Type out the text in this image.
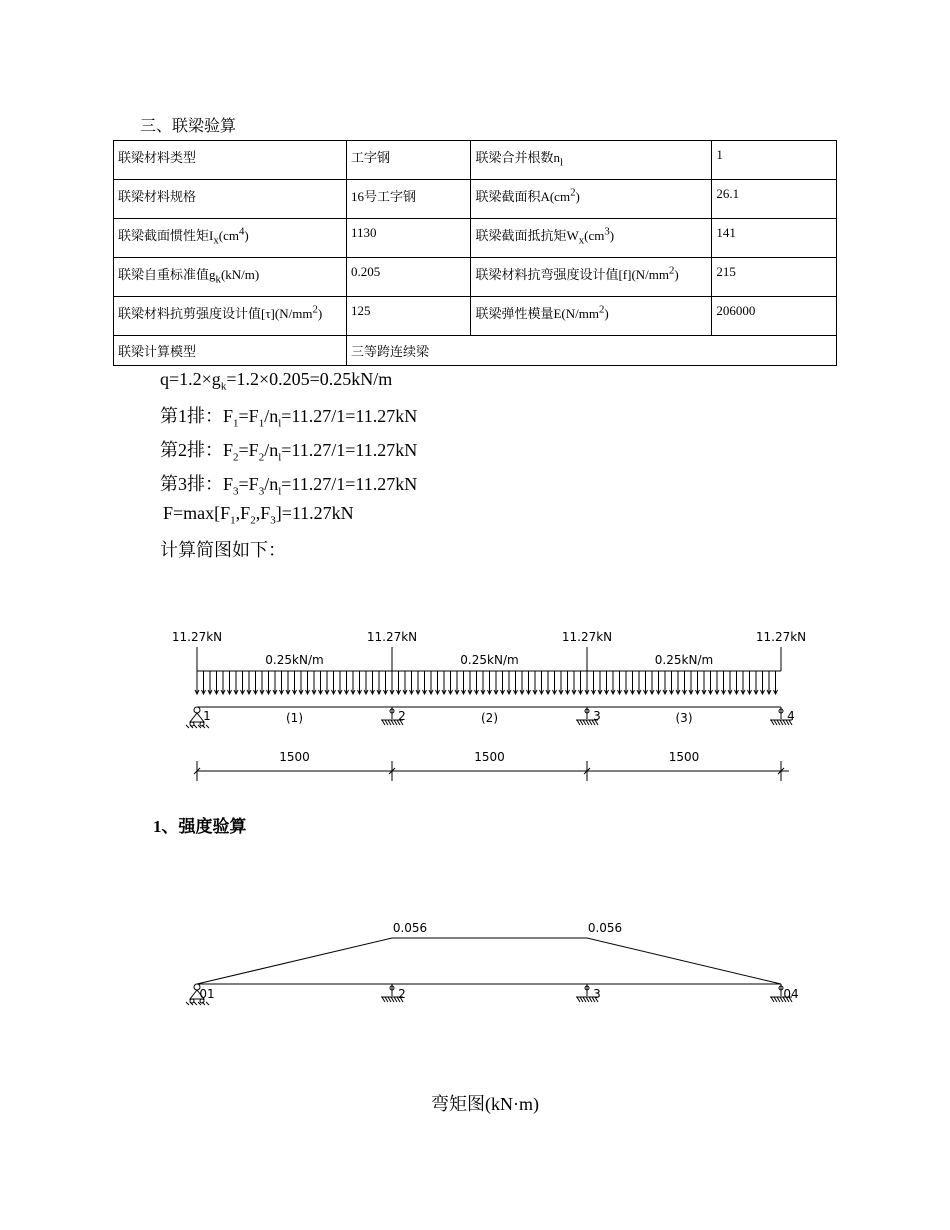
三、联梁验算
联梁材料类型	工字钢	联梁合并根数$n_l$	1
联梁材料规格	16号工字钢	联梁截面积$A(cm^2)$	26.1
联梁截面惯性矩$I_x(cm^4)$	1130	联梁截面抵抗矩$W_x(cm^3)$	141
联梁自重标准值$g_k(kN/m)$	0.205	联梁材料抗弯强度设计值$[f](N/mm^2)$	215
联梁材料抗剪强度设计值$[\tau](N/mm^2)$	125	联梁弹性模量$E(N/mm^2)$	206000
联梁计算模型	三等跨连续梁		
$q=1.2\times g_k=1.2\times 0.205=0.25kN/m$
第1排：$F_1=F_1/n_l=11.27/1=11.27kN$
第2排：$F_2=F_2/n_l=11.27/1=11.27kN$
第3排：$F_3=F_3/n_l=11.27/1=11.27kN$
$F=\max[F_1,F_2,F_3]=11.27kN$
计算简图如下：
11.27kN	11.27kN	11.27kN	11.27kN
0.25kN/m	0.25kN/m	0.25kN/m
1	2	3	4
(1)	(2)	(3)
1500	1500	1500
1、强度验算
0.056	0.056
01	2	3	04
弯矩图(kN·m)
